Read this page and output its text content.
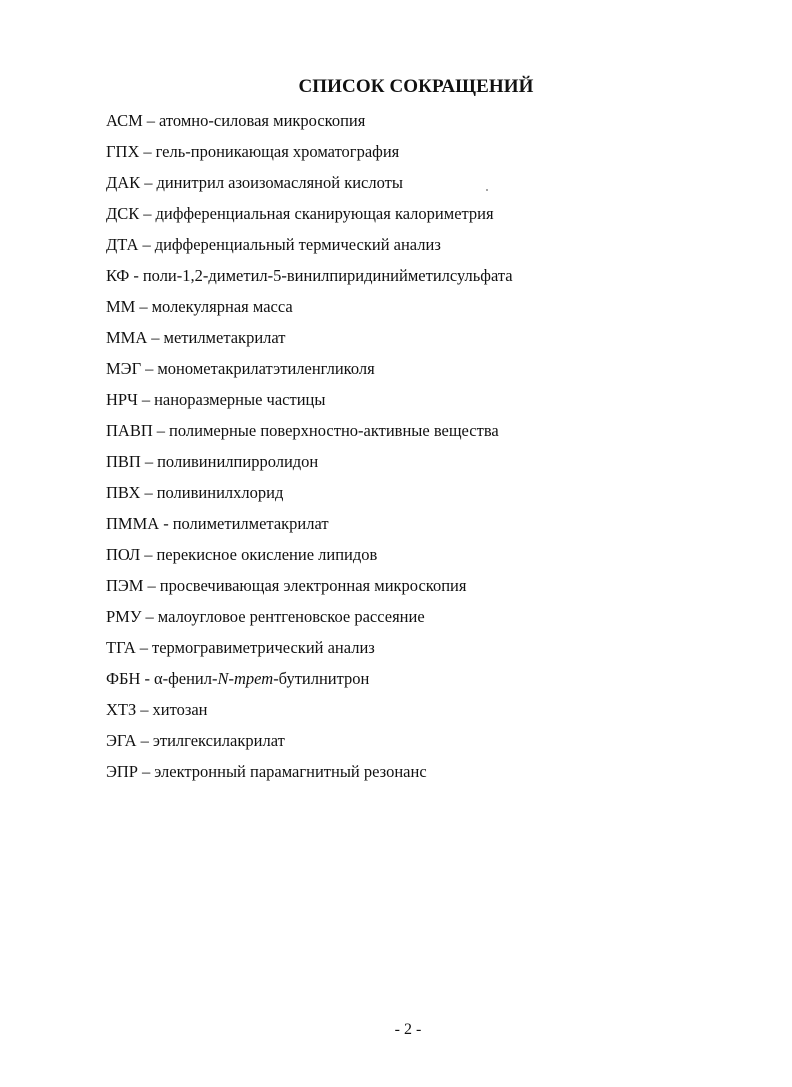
СПИСОК СОКРАЩЕНИЙ
АСМ – атомно-силовая микроскопия
ГПХ – гель-проникающая хроматография
ДАК – динитрил азоизомасляной кислоты
ДСК – дифференциальная сканирующая калориметрия
ДТА – дифференциальный термический анализ
КФ - поли-1,2-диметил-5-винилпиридинийметилсульфата
ММ – молекулярная масса
ММА – метилметакрилат
МЭГ – монометакрилатэтиленгликоля
НРЧ – наноразмерные частицы
ПАВП – полимерные поверхностно-активные вещества
ПВП – поливинилпирролидон
ПВХ – поливинилхлорид
ПММА - полиметилметакрилат
ПОЛ – перекисное окисление липидов
ПЭМ – просвечивающая электронная микроскопия
РМУ – малоугловое рентгеновское рассеяние
ТГА – термогравиметрический анализ
ФБН - α-фенил-N-трет-бутилнитрон
ХТЗ – хитозан
ЭГА – этилгексилакрилат
ЭПР – электронный парамагнитный резонанс
- 2 -
